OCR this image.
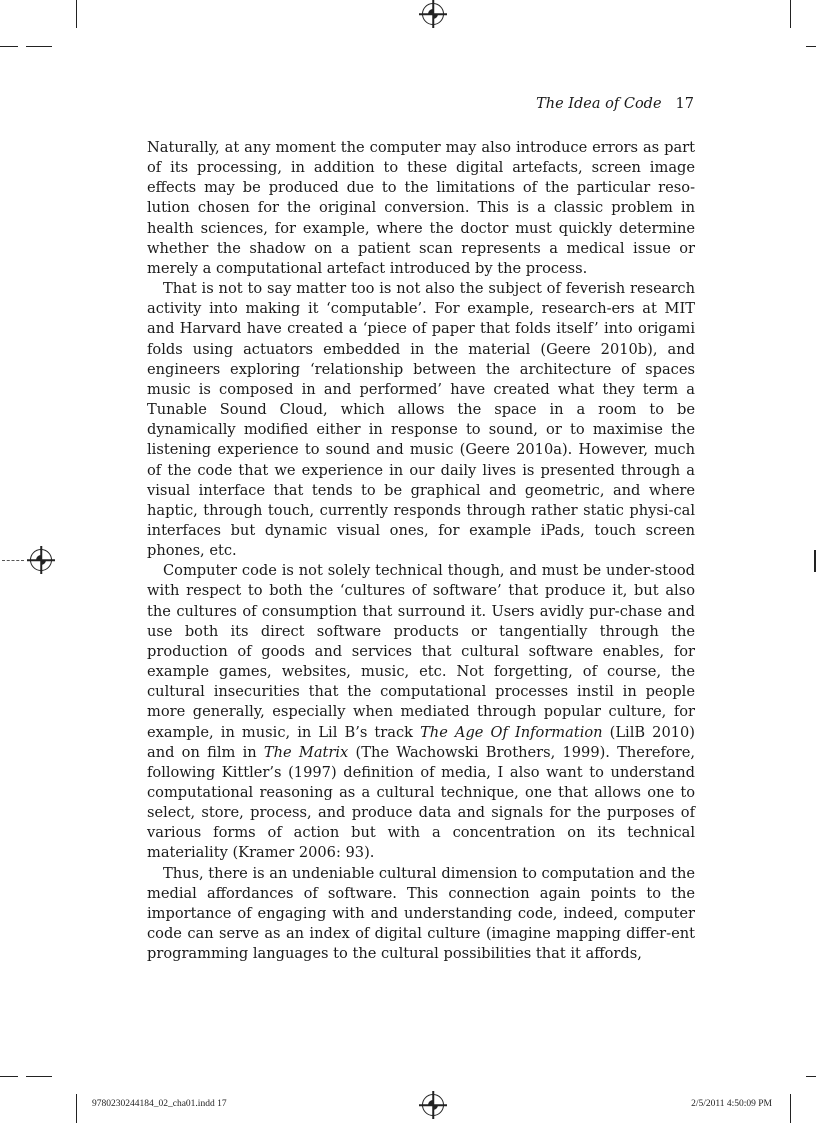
The Idea of Code 17

Naturally, at any moment the computer may also introduce errors as part of its processing, in addition to these digital artefacts, screen image effects may be produced due to the limitations of the particular reso-lution chosen for the original conversion. This is a classic problem in health sciences, for example, where the doctor must quickly determine whether the shadow on a patient scan represents a medical issue or merely a computational artefact introduced by the process.

That is not to say matter too is not also the subject of feverish research activity into making it ‘computable’. For example, research-ers at MIT and Harvard have created a ‘piece of paper that folds itself’ into origami folds using actuators embedded in the material (Geere 2010b), and engineers exploring ‘relationship between the architecture of spaces music is composed in and performed’ have created what they term a Tunable Sound Cloud, which allows the space in a room to be dynamically modified either in response to sound, or to maximise the listening experience to sound and music (Geere 2010a). However, much of the code that we experience in our daily lives is presented through a visual interface that tends to be graphical and geometric, and where haptic, through touch, currently responds through rather static physi-cal interfaces but dynamic visual ones, for example iPads, touch screen phones, etc.

Computer code is not solely technical though, and must be under-stood with respect to both the ‘cultures of software’ that produce it, but also the cultures of consumption that surround it. Users avidly pur-chase and use both its direct software products or tangentially through the production of goods and services that cultural software enables, for example games, websites, music, etc. Not forgetting, of course, the cultural insecurities that the computational processes instil in people more generally, especially when mediated through popular culture, for example, in music, in Lil B’s track The Age Of Information (LilB 2010) and on film in The Matrix (The Wachowski Brothers, 1999). Therefore, following Kittler’s (1997) definition of media, I also want to understand computational reasoning as a cultural technique, one that allows one to select, store, process, and produce data and signals for the purposes of various forms of action but with a concentration on its technical materiality (Kramer 2006: 93).

Thus, there is an undeniable cultural dimension to computation and the medial affordances of software. This connection again points to the importance of engaging with and understanding code, indeed, computer code can serve as an index of digital culture (imagine mapping differ-ent programming languages to the cultural possibilities that it affords,

9780230244184_02_cha01.indd 17	2/5/2011 4:50:09 PM
